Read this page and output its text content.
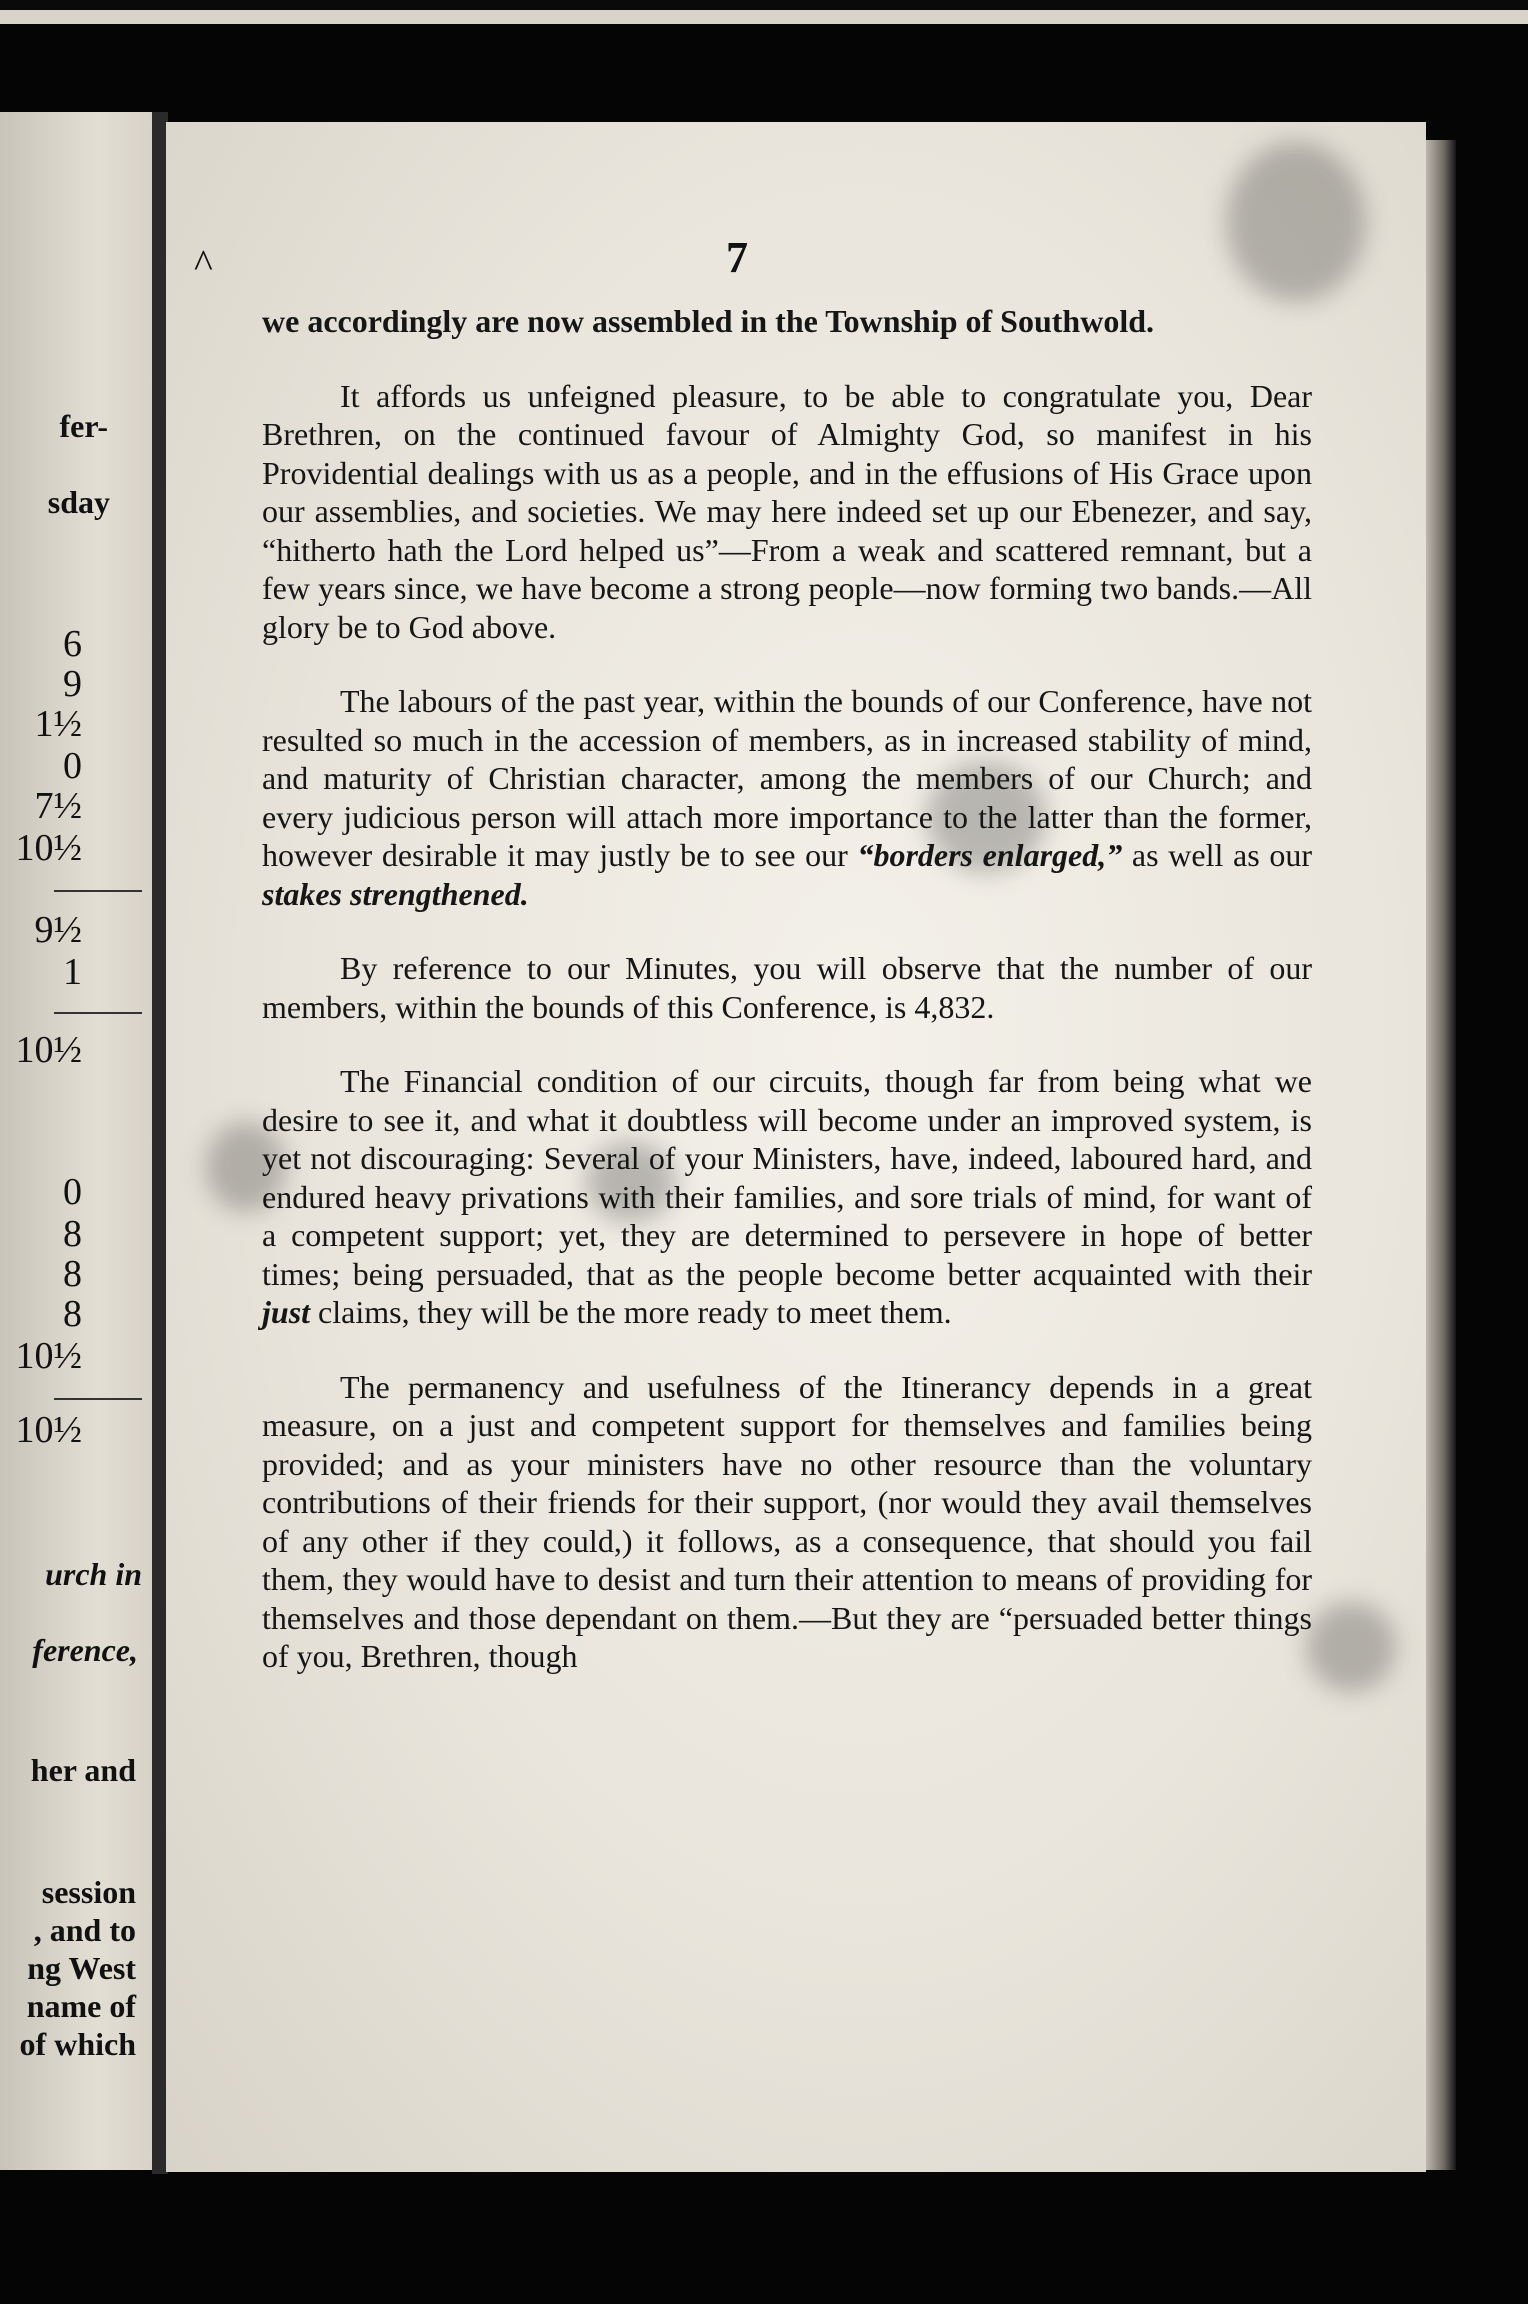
fer-
sday
6
9
1½
0
7½
10½
9½
1
10½
0
8
8
8
10½
10½
urch in
ference,
her and
session
, and to
ng West
name of
of which
^	7

we accordingly are now assembled in the Township of Southwold.

It affords us unfeigned pleasure, to be able to congratulate you, Dear Brethren, on the continued favour of Almighty God, so manifest in his Providential dealings with us as a people, and in the effusions of His Grace upon our assemblies, and societies. We may here indeed set up our Ebenezer, and say, “hitherto hath the Lord helped us”—From a weak and scattered remnant, but a few years since, we have become a strong people—now forming two bands.—All glory be to God above.

The labours of the past year, within the bounds of our Conference, have not resulted so much in the accession of members, as in increased stability of mind, and maturity of Christian character, among the members of our Church; and every judicious person will attach more importance to the latter than the former, however desirable it may justly be to see our “borders enlarged,” as well as our stakes strengthened.

By reference to our Minutes, you will observe that the number of our members, within the bounds of this Conference, is 4,832.

The Financial condition of our circuits, though far from being what we desire to see it, and what it doubtless will become under an improved system, is yet not discouraging: Several of your Ministers, have, indeed, laboured hard, and endured heavy privations with their families, and sore trials of mind, for want of a competent support; yet, they are determined to persevere in hope of better times; being persuaded, that as the people become better acquainted with their just claims, they will be the more ready to meet them.

The permanency and usefulness of the Itinerancy depends in a great measure, on a just and competent support for themselves and families being provided; and as your ministers have no other resource than the voluntary contributions of their friends for their support, (nor would they avail themselves of any other if they could,) it follows, as a consequence, that should you fail them, they would have to desist and turn their attention to means of providing for themselves and those dependant on them.—But they are “persuaded better things of you, Brethren, though
